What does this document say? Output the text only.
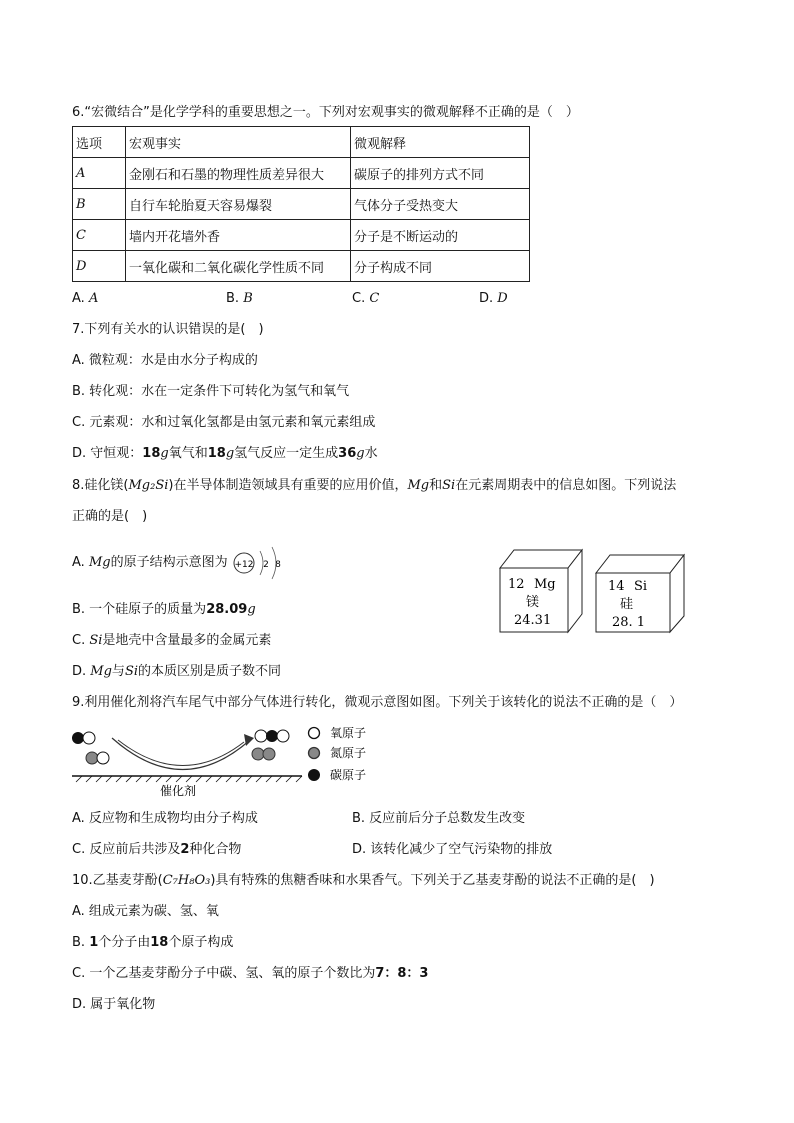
6.“宏微结合”是化学学科的重要思想之一。下列对宏观事实的微观解释不正确的是（　）
选项	宏观事实	微观解释
A	金刚石和石墨的物理性质差异很大	碳原子的排列方式不同
B	自行车轮胎夏天容易爆裂	气体分子受热变大
C	墙内开花墙外香	分子是不断运动的
D	一氧化碳和二氧化碳化学性质不同	分子构成不同
A. A	B. B	C. C	D. D
7.下列有关水的认识错误的是(　)
A. 微粒观：水是由水分子构成的
B. 转化观：水在一定条件下可转化为氢气和氧气
C. 元素观：水和过氧化氢都是由氢元素和氧元素组成
D. 守恒观：18g氧气和18g氢气反应一定生成36g水
8.硅化镁(Mg₂Si)在半导体制造领域具有重要的应用价值，Mg和Si在元素周期表中的信息如图。下列说法
正确的是(　)
A. Mg的原子结构示意图为 +12 2 8
B. 一个硅原子的质量为28.09g
C. Si是地壳中含量最多的金属元素
D. Mg与Si的本质区别是质子数不同
12 Mg
镁
24.31
14 Si
硅
28. 1
9.利用催化剂将汽车尾气中部分气体进行转化，微观示意图如图。下列关于该转化的说法不正确的是（　）
催化剂
氧原子
氮原子
碳原子
A. 反应物和生成物均由分子构成	B. 反应前后分子总数发生改变
C. 反应前后共涉及2种化合物	D. 该转化减少了空气污染物的排放
10.乙基麦芽酚(C₇H₈O₃)具有特殊的焦糖香味和水果香气。下列关于乙基麦芽酚的说法不正确的是(　)
A. 组成元素为碳、氢、氧
B. 1个分子由18个原子构成
C. 一个乙基麦芽酚分子中碳、氢、氧的原子个数比为7：8：3
D. 属于氧化物
